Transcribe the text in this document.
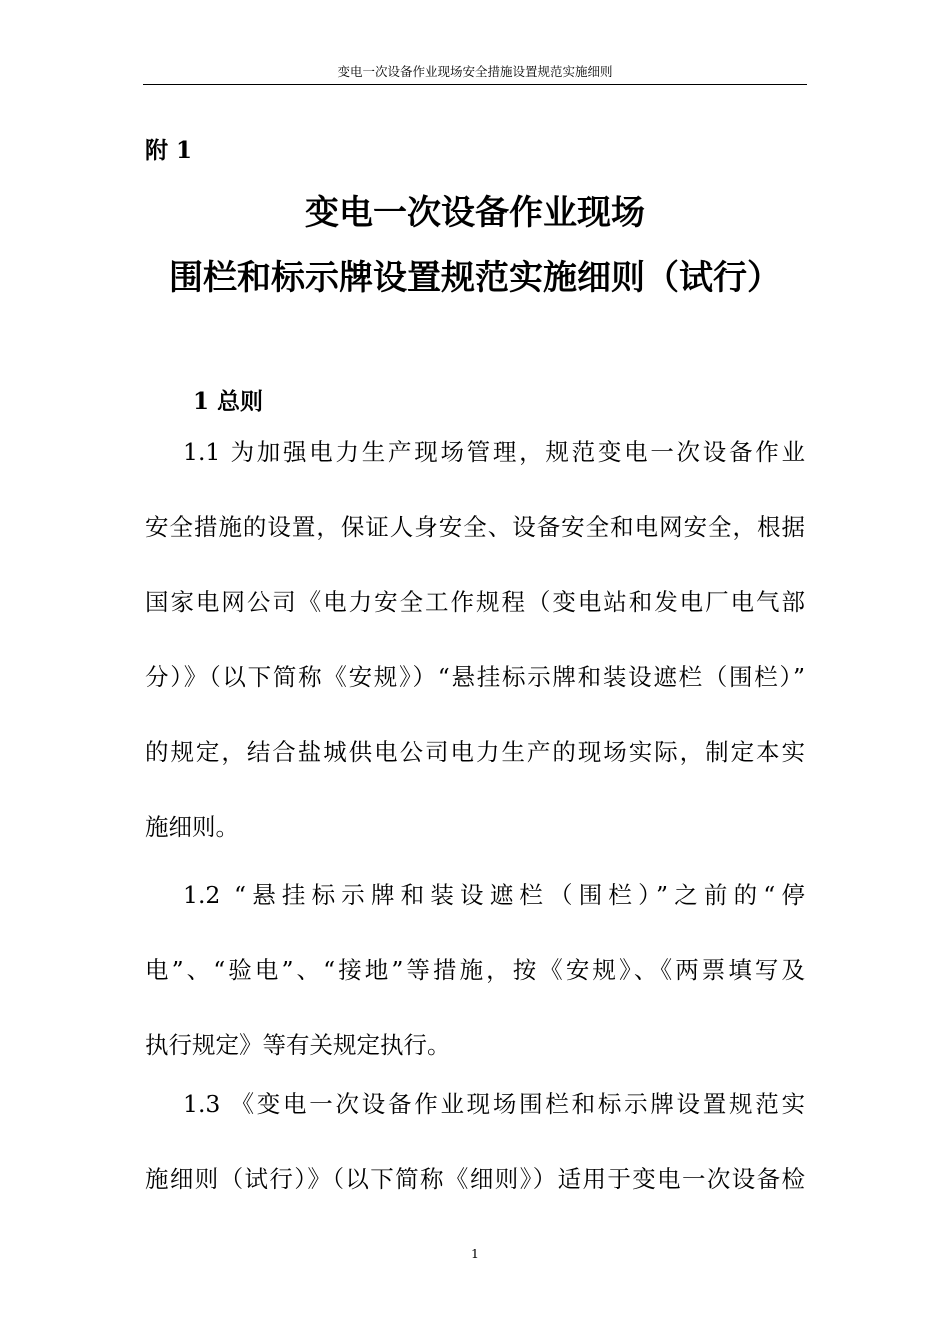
变电一次设备作业现场安全措施设置规范实施细则
附 1
变电一次设备作业现场
围栏和标示牌设置规范实施细则（试行）
1 总则
1.1 为加强电力生产现场管理，规范变电一次设备作业
安全措施的设置，保证人身安全、设备安全和电网安全，根据
国家电网公司《电力安全工作规程（变电站和发电厂电气部
分）》（以下简称《安规》）“悬挂标示牌和装设遮栏（围栏）”
的规定，结合盐城供电公司电力生产的现场实际，制定本实
施细则。
1.2 “悬挂标示牌和装设遮栏（围栏）”之前的“停
电”、“验电”、“接地”等措施，按《安规》、《两票填写及
执行规定》等有关规定执行。
1.3 《变电一次设备作业现场围栏和标示牌设置规范实
施细则（试行）》（以下简称《细则》）适用于变电一次设备检
1
